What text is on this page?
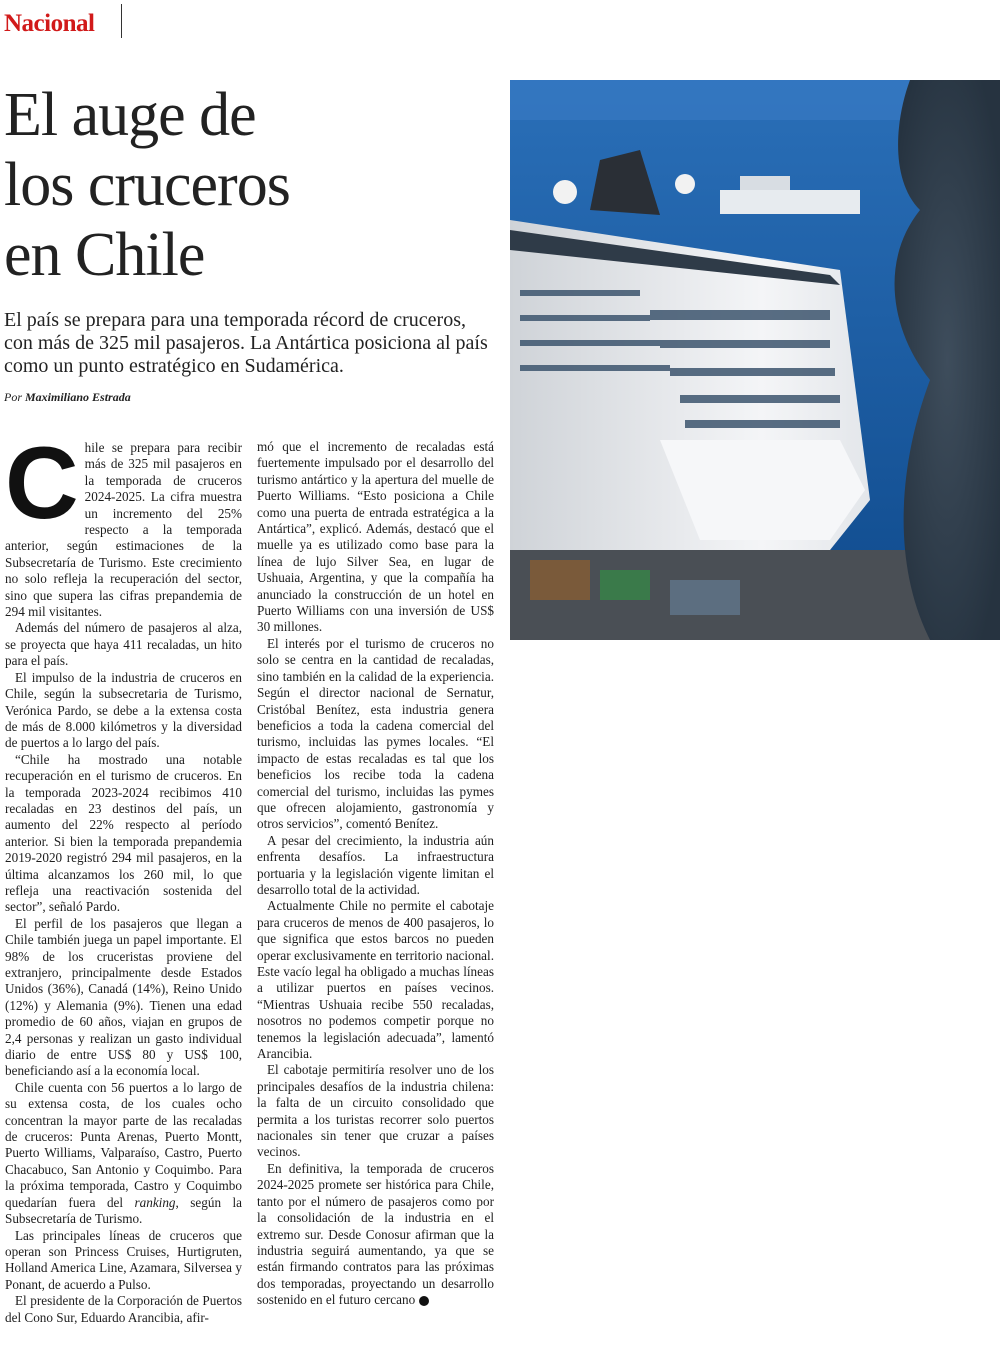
Nacional
El auge de
los cruceros
en Chile

El país se prepara para una temporada récord de cruceros, con más de 325 mil pasajeros. La Antártica posiciona al país como un punto estratégico en Sudamérica.

Por Maximiliano Estrada

Chile se prepara para recibir más de 325 mil pasajeros en la temporada de cruceros 2024-2025. La cifra muestra un incremento del 25% respecto a la temporada anterior, según estimaciones de la Subsecretaría de Turismo. Este crecimiento no solo refleja la recuperación del sector, sino que supera las cifras prepandemia de 294 mil visitantes.

Además del número de pasajeros al alza, se proyecta que haya 411 recaladas, un hito para el país.

El impulso de la industria de cruceros en Chile, según la subsecretaria de Turismo, Verónica Pardo, se debe a la extensa costa de más de 8.000 kilómetros y la diversidad de puertos a lo largo del país.

“Chile ha mostrado una notable recuperación en el turismo de cruceros. En la temporada 2023-2024 recibimos 410 recaladas en 23 destinos del país, un aumento del 22% respecto al período anterior. Si bien la temporada prepandemia 2019-2020 registró 294 mil pasajeros, en la última alcanzamos los 260 mil, lo que refleja una reactivación sostenida del sector”, señaló Pardo.

El perfil de los pasajeros que llegan a Chile también juega un papel importante. El 98% de los cruceristas proviene del extranjero, principalmente desde Estados Unidos (36%), Canadá (14%), Reino Unido (12%) y Alemania (9%). Tienen una edad promedio de 60 años, viajan en grupos de 2,4 personas y realizan un gasto individual diario de entre US$ 80 y US$ 100, beneficiando así a la economía local.

Chile cuenta con 56 puertos a lo largo de su extensa costa, de los cuales ocho concentran la mayor parte de las recaladas de cruceros: Punta Arenas, Puerto Montt, Puerto Williams, Valparaíso, Castro, Puerto Chacabuco, San Antonio y Coquimbo. Para la próxima temporada, Castro y Coquimbo quedarían fuera del ranking, según la Subsecretaría de Turismo.

Las principales líneas de cruceros que operan son Princess Cruises, Hurtigruten, Holland America Line, Azamara, Silversea y Ponant, de acuerdo a Pulso.

El presidente de la Corporación de Puertos del Cono Sur, Eduardo Arancibia, afir-

mó que el incremento de recaladas está fuertemente impulsado por el desarrollo del turismo antártico y la apertura del muelle de Puerto Williams. “Esto posiciona a Chile como una puerta de entrada estratégica a la Antártica”, explicó. Además, destacó que el muelle ya es utilizado como base para la línea de lujo Silver Sea, en lugar de Ushuaia, Argentina, y que la compañía ha anunciado la construcción de un hotel en Puerto Williams con una inversión de US$ 30 millones.

El interés por el turismo de cruceros no solo se centra en la cantidad de recaladas, sino también en la calidad de la experiencia. Según el director nacional de Sernatur, Cristóbal Benítez, esta industria genera beneficios a toda la cadena comercial del turismo, incluidas las pymes locales. “El impacto de estas recaladas es tal que los beneficios los recibe toda la cadena comercial del turismo, incluidas las pymes que ofrecen alojamiento, gastronomía y otros servicios”, comentó Benítez.

A pesar del crecimiento, la industria aún enfrenta desafíos. La infraestructura portuaria y la legislación vigente limitan el desarrollo total de la actividad.

Actualmente Chile no permite el cabotaje para cruceros de menos de 400 pasajeros, lo que significa que estos barcos no pueden operar exclusivamente en territorio nacional. Este vacío legal ha obligado a muchas líneas a utilizar puertos en países vecinos. “Mientras Ushuaia recibe 550 recaladas, nosotros no podemos competir porque no tenemos la legislación adecuada”, lamentó Arancibia.

El cabotaje permitiría resolver uno de los principales desafíos de la industria chilena: la falta de un circuito consolidado que permita a los turistas recorrer solo puertos nacionales sin tener que cruzar a países vecinos.

En definitiva, la temporada de cruceros 2024-2025 promete ser histórica para Chile, tanto por el número de pasajeros como por la consolidación de la industria en el extremo sur. Desde Conosur afirman que la industria seguirá aumentando, ya que se están firmando contratos para las próximas dos temporadas, proyectando un desarrollo sostenido en el futuro cercano
